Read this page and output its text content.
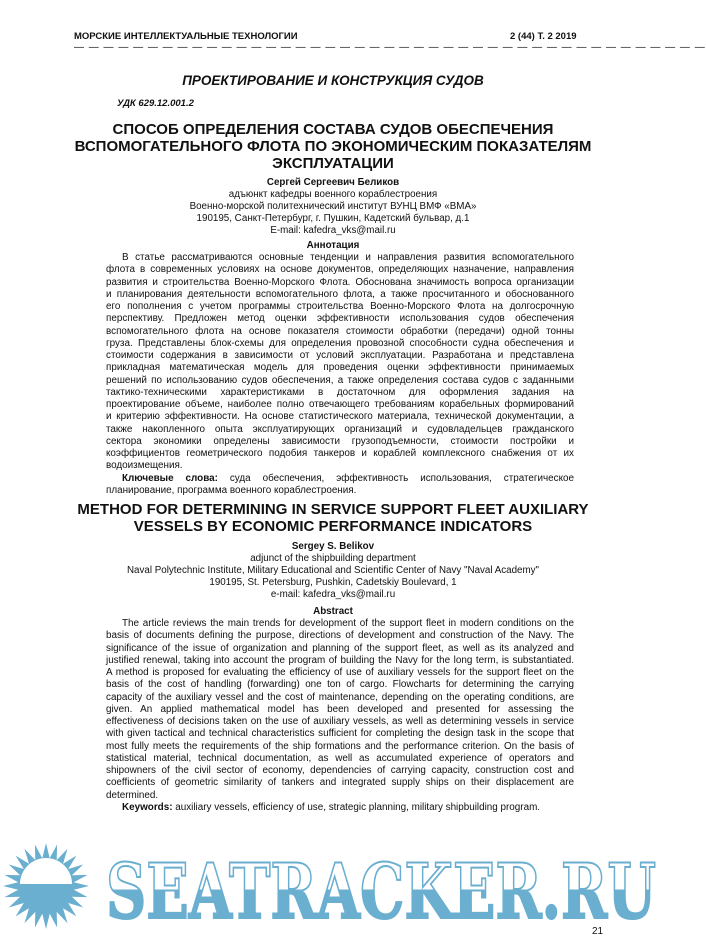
МОРСКИЕ ИНТЕЛЛЕКТУАЛЬНЫЕ ТЕХНОЛОГИИ	2 (44) Т. 2 2019
— — — — — — — — — — — — — — — — — — — — — — — — — — — — — — — — — — — — — — — — — — —
ПРОЕКТИРОВАНИЕ И КОНСТРУКЦИЯ СУДОВ
УДК 629.12.001.2
СПОСОБ ОПРЕДЕЛЕНИЯ СОСТАВА СУДОВ ОБЕСПЕЧЕНИЯ
ВСПОМОГАТЕЛЬНОГО ФЛОТА ПО ЭКОНОМИЧЕСКИМ ПОКАЗАТЕЛЯМ
ЭКСПЛУАТАЦИИ
Сергей Сергеевич Беликов
адъюнкт кафедры военного кораблестроения
Военно-морской политехнический институт ВУНЦ ВМФ «ВМА»
190195, Санкт-Петербург, г. Пушкин, Кадетский бульвар, д.1
E-mail: kafedra_vks@mail.ru
Аннотация
В статье рассматриваются основные тенденции и направления развития вспомогательного
флота в современных условиях на основе документов, определяющих назначение, направления
развития и строительства Военно-Морского Флота. Обоснована значимость вопроса организации
и планирования деятельности вспомогательного флота, а также просчитанного и обоснованного
его пополнения с учетом программы строительства Военно-Морского Флота на долгосрочную
перспективу. Предложен метод оценки эффективности использования судов обеспечения
вспомогательного флота на основе показателя стоимости обработки (передачи) одной тонны
груза. Представлены блок-схемы для определения провозной способности судна обеспечения и
стоимости содержания в зависимости от условий эксплуатации. Разработана и представлена
прикладная математическая модель для проведения оценки эффективности принимаемых
решений по использованию судов обеспечения, а также определения состава судов с заданными
тактико-техническими характеристиками в достаточном для оформления задания на
проектирование объеме, наиболее полно отвечающего требованиям корабельных формирований
и критерию эффективности. На основе статистического материала, технической документации, а
также накопленного опыта эксплуатирующих организаций и судовладельцев гражданского
сектора экономики определены зависимости грузоподъемности, стоимости постройки и
коэффициентов геометрического подобия танкеров и кораблей комплексного снабжения от их
водоизмещения.
Ключевые слова: суда обеспечения, эффективность использования, стратегическое
планирование, программа военного кораблестроения.
METHOD FOR DETERMINING IN SERVICE SUPPORT FLEET AUXILIARY
VESSELS BY ECONOMIC PERFORMANCE INDICATORS
Sergey S. Belikov
adjunct of the shipbuilding department
Naval Polytechnic Institute, Military Educational and Scientific Center of Navy "Naval Academy"
190195, St. Petersburg, Pushkin, Cadetskiy Boulevard, 1
e-mail: kafedra_vks@mail.ru
Abstract
The article reviews the main trends for development of the support fleet in modern conditions on the
basis of documents defining the purpose, directions of development and construction of the Navy. The
significance of the issue of organization and planning of the support fleet, as well as its analyzed and
justified renewal, taking into account the program of building the Navy for the long term, is substantiated.
A method is proposed for evaluating the efficiency of use of auxiliary vessels for the support fleet on the
basis of the cost of handling (forwarding) one ton of cargo. Flowcharts for determining the carrying
capacity of the auxiliary vessel and the cost of maintenance, depending on the operating conditions, are
given. An applied mathematical model has been developed and presented for assessing the
effectiveness of decisions taken on the use of auxiliary vessels, as well as determining vessels in service
with given tactical and technical characteristics sufficient for completing the design task in the scope that
most fully meets the requirements of the ship formations and the performance criterion. On the basis of
statistical material, technical documentation, as well as accumulated experience of operators and
shipowners of the civil sector of economy, dependencies of carrying capacity, construction cost and
coefficients of geometric similarity of tankers and integrated supply ships on their displacement are
determined.
Keywords: auxiliary vessels, efficiency of use, strategic planning, military shipbuilding program.
SEATRACKER.RU
21
